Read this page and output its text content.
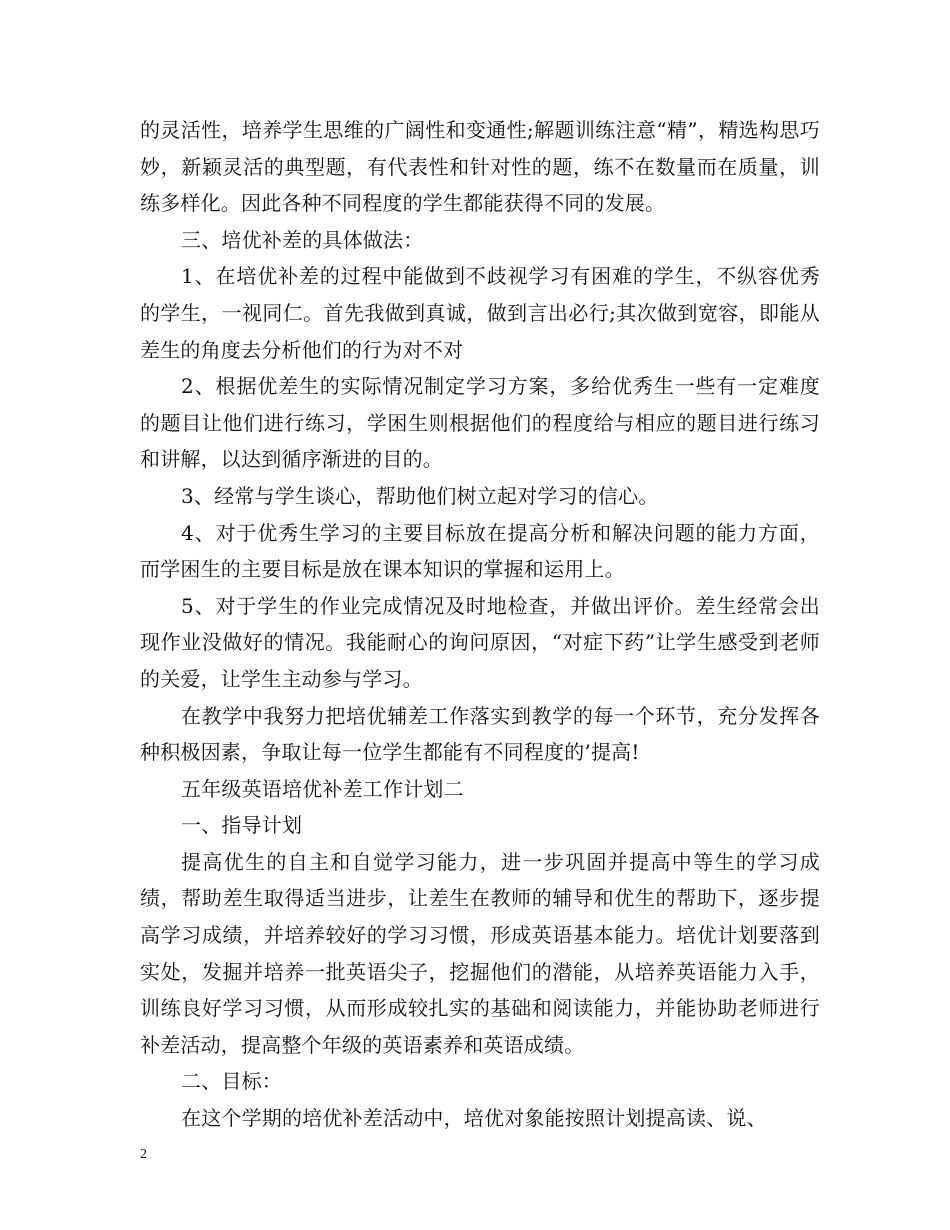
的灵活性，培养学生思维的广阔性和变通性;解题训练注意“精”，精选构思巧妙，新颖灵活的典型题，有代表性和针对性的题，练不在数量而在质量，训练多样化。因此各种不同程度的学生都能获得不同的发展。

三、培优补差的具体做法：

1、在培优补差的过程中能做到不歧视学习有困难的学生，不纵容优秀的学生，一视同仁。首先我做到真诚，做到言出必行;其次做到宽容，即能从差生的角度去分析他们的行为对不对

2、根据优差生的实际情况制定学习方案，多给优秀生一些有一定难度的题目让他们进行练习，学困生则根据他们的程度给与相应的题目进行练习和讲解，以达到循序渐进的目的。

3、经常与学生谈心，帮助他们树立起对学习的信心。

4、对于优秀生学习的主要目标放在提高分析和解决问题的能力方面，而学困生的主要目标是放在课本知识的掌握和运用上。

5、对于学生的作业完成情况及时地检查，并做出评价。差生经常会出现作业没做好的情况。我能耐心的询问原因，“对症下药”让学生感受到老师的关爱，让学生主动参与学习。

在教学中我努力把培优辅差工作落实到教学的每一个环节，充分发挥各种积极因素，争取让每一位学生都能有不同程度的’提高!

五年级英语培优补差工作计划二

一、指导计划

提高优生的自主和自觉学习能力，进一步巩固并提高中等生的学习成绩，帮助差生取得适当进步，让差生在教师的辅导和优生的帮助下，逐步提高学习成绩，并培养较好的学习习惯，形成英语基本能力。培优计划要落到实处，发掘并培养一批英语尖子，挖掘他们的潜能，从培养英语能力入手，训练良好学习习惯，从而形成较扎实的基础和阅读能力，并能协助老师进行补差活动，提高整个年级的英语素养和英语成绩。

二、目标：

在这个学期的培优补差活动中，培优对象能按照计划提高读、说、

2
